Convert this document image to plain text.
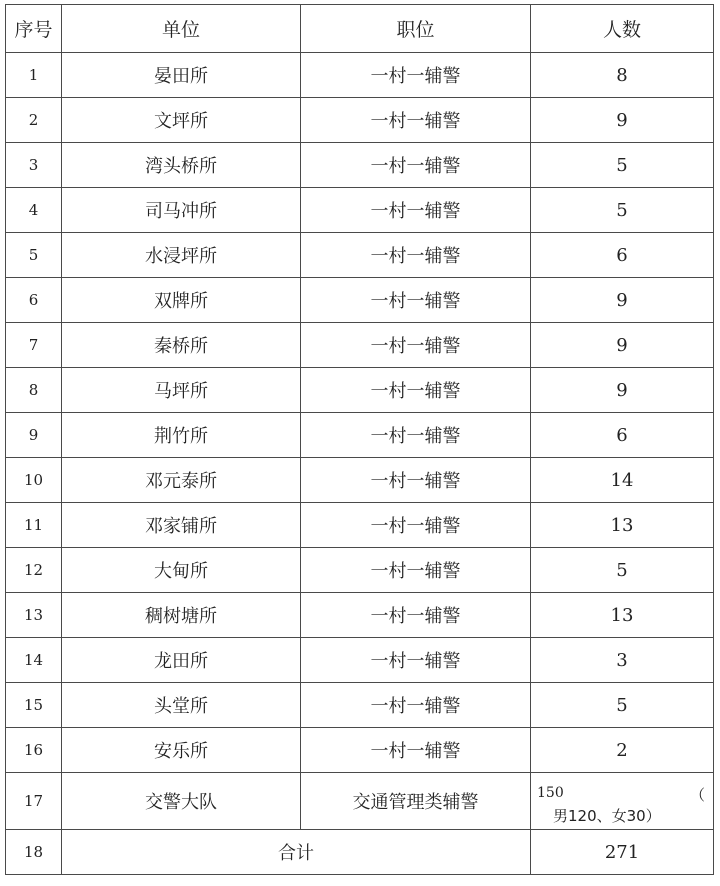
序号	单位	职位	人数
1	晏田所	一村一辅警	8
2	文坪所	一村一辅警	9
3	湾头桥所	一村一辅警	5
4	司马冲所	一村一辅警	5
5	水浸坪所	一村一辅警	6
6	双牌所	一村一辅警	9
7	秦桥所	一村一辅警	9
8	马坪所	一村一辅警	9
9	荆竹所	一村一辅警	6
10	邓元泰所	一村一辅警	14
11	邓家铺所	一村一辅警	13
12	大甸所	一村一辅警	5
13	稠树塘所	一村一辅警	13
14	龙田所	一村一辅警	3
15	头堂所	一村一辅警	5
16	安乐所	一村一辅警	2
17	交警大队	交通管理类辅警	150 （
男120、女30）

18	合计		271
